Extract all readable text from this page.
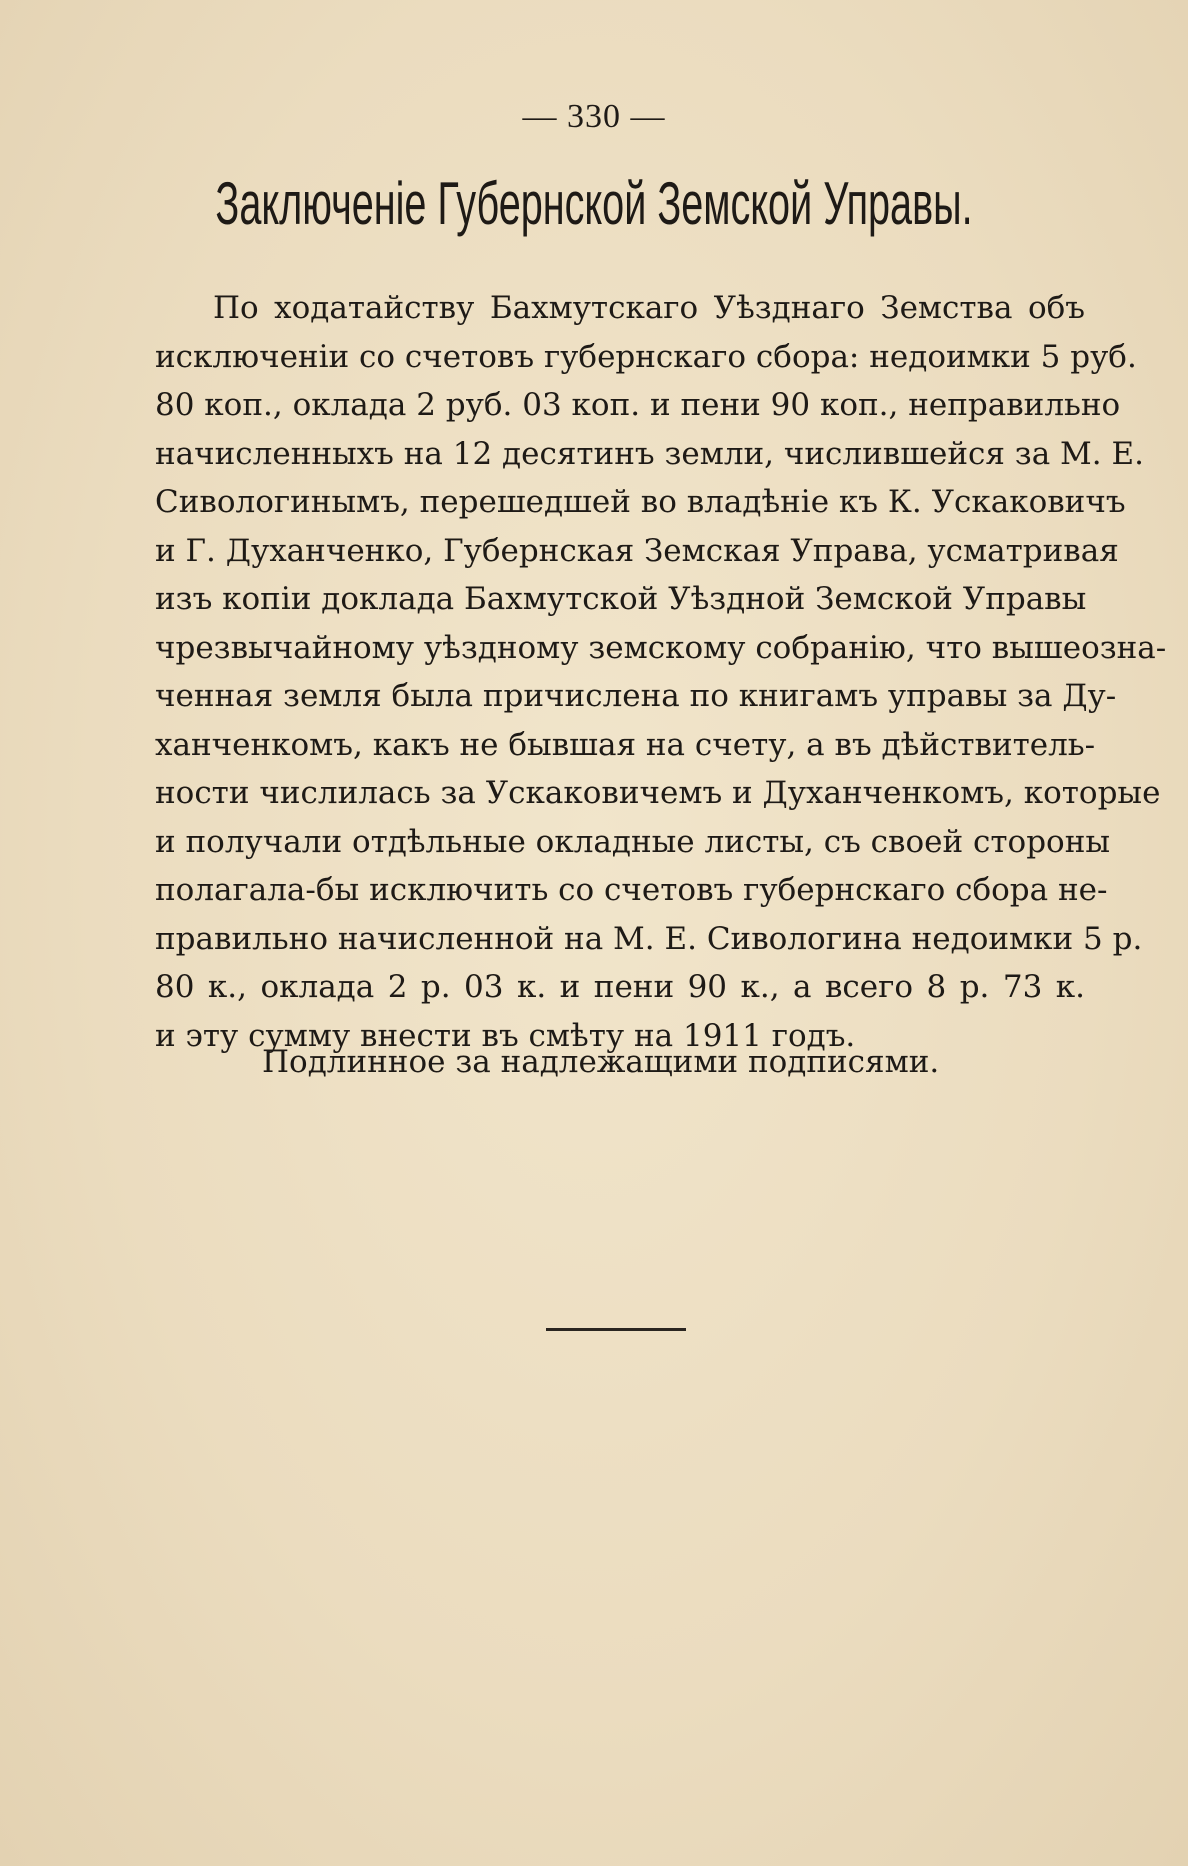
— 330 —
Заключеніе Губернской Земской Управы.
По ходатайству Бахмутскаго Уѣзднаго Земства объ
исключеніи со счетовъ губернскаго сбора: недоимки 5 руб.
80 коп., оклада 2 руб. 03 коп. и пени 90 коп., неправильно
начисленныхъ на 12 десятинъ земли, числившейся за М. Е.
Сивологинымъ, перешедшей во владѣніе къ К. Ускаковичъ
и Г. Духанченко, Губернская Земская Управа, усматривая
изъ копіи доклада Бахмутской Уѣздной Земской Управы
чрезвычайному уѣздному земскому собранію, что вышеозна-
ченная земля была причислена по книгамъ управы за Ду-
ханченкомъ, какъ не бывшая на счету, а въ дѣйствитель-
ности числилась за Ускаковичемъ и Духанченкомъ, которые
и получали отдѣльные окладные листы, съ своей стороны
полагала-бы исключить со счетовъ губернскаго сбора не-
правильно начисленной на М. Е. Сивологина недоимки 5 р.
80 к., оклада 2 р. 03 к. и пени 90 к., а всего 8 р. 73 к.
и эту сумму внести въ смѣту на 1911 годъ.
Подлинное за надлежащими подписями.
